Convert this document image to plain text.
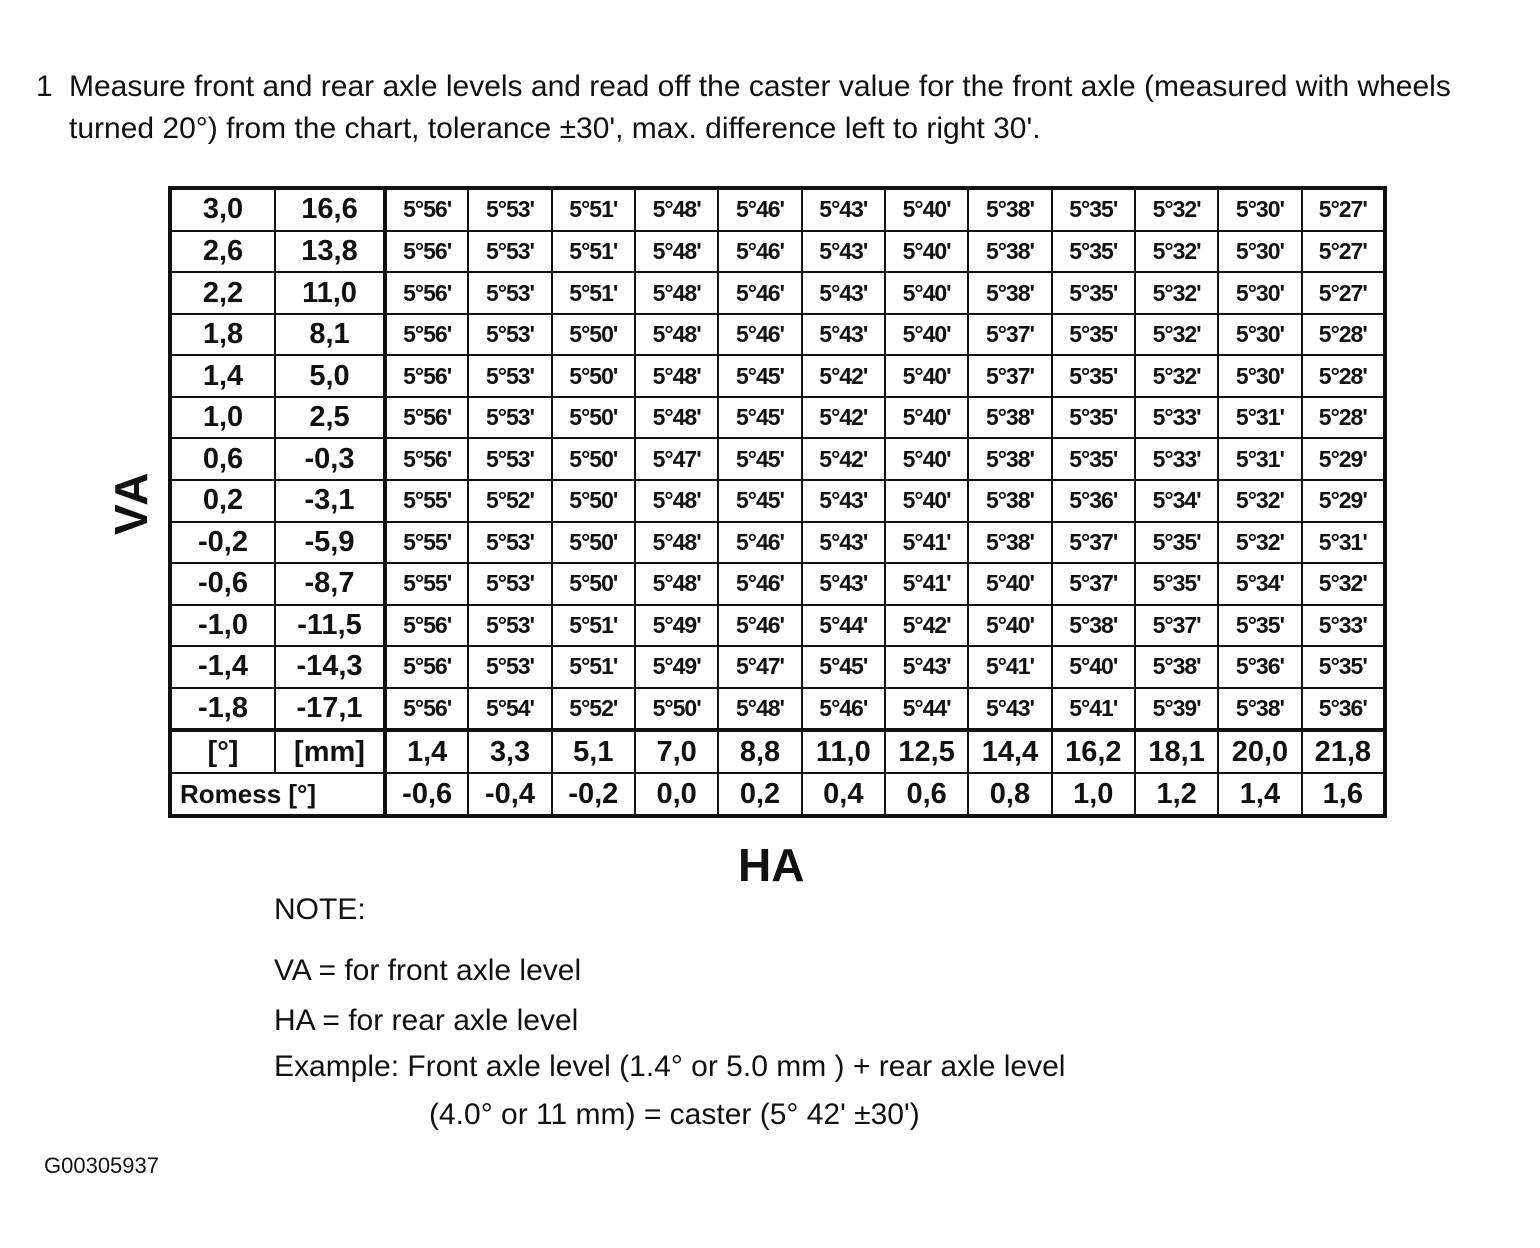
1 Measure front and rear axle levels and read off the caster value for the front axle (measured with wheels turned 20°) from the chart, tolerance ±30', max. difference left to right 30'.
VA
3,0	16,6	5°56'	5°53'	5°51'	5°48'	5°46'	5°43'	5°40'	5°38'	5°35'	5°32'	5°30'	5°27'
2,6	13,8	5°56'	5°53'	5°51'	5°48'	5°46'	5°43'	5°40'	5°38'	5°35'	5°32'	5°30'	5°27'
2,2	11,0	5°56'	5°53'	5°51'	5°48'	5°46'	5°43'	5°40'	5°38'	5°35'	5°32'	5°30'	5°27'
1,8	8,1	5°56'	5°53'	5°50'	5°48'	5°46'	5°43'	5°40'	5°37'	5°35'	5°32'	5°30'	5°28'
1,4	5,0	5°56'	5°53'	5°50'	5°48'	5°45'	5°42'	5°40'	5°37'	5°35'	5°32'	5°30'	5°28'
1,0	2,5	5°56'	5°53'	5°50'	5°48'	5°45'	5°42'	5°40'	5°38'	5°35'	5°33'	5°31'	5°28'
0,6	-0,3	5°56'	5°53'	5°50'	5°47'	5°45'	5°42'	5°40'	5°38'	5°35'	5°33'	5°31'	5°29'
0,2	-3,1	5°55'	5°52'	5°50'	5°48'	5°45'	5°43'	5°40'	5°38'	5°36'	5°34'	5°32'	5°29'
-0,2	-5,9	5°55'	5°53'	5°50'	5°48'	5°46'	5°43'	5°41'	5°38'	5°37'	5°35'	5°32'	5°31'
-0,6	-8,7	5°55'	5°53'	5°50'	5°48'	5°46'	5°43'	5°41'	5°40'	5°37'	5°35'	5°34'	5°32'
-1,0	-11,5	5°56'	5°53'	5°51'	5°49'	5°46'	5°44'	5°42'	5°40'	5°38'	5°37'	5°35'	5°33'
-1,4	-14,3	5°56'	5°53'	5°51'	5°49'	5°47'	5°45'	5°43'	5°41'	5°40'	5°38'	5°36'	5°35'
-1,8	-17,1	5°56'	5°54'	5°52'	5°50'	5°48'	5°46'	5°44'	5°43'	5°41'	5°39'	5°38'	5°36'
[°]	[mm]	1,4	3,3	5,1	7,0	8,8	11,0	12,5	14,4	16,2	18,1	20,0	21,8
Romess [°]		-0,6	-0,4	-0,2	0,0	0,2	0,4	0,6	0,8	1,0	1,2	1,4	1,6
HA
NOTE:
VA = for front axle level
HA = for rear axle level
Example: Front axle level (1.4° or 5.0 mm ) + rear axle level
(4.0° or 11 mm) = caster (5° 42' ±30')
G00305937
